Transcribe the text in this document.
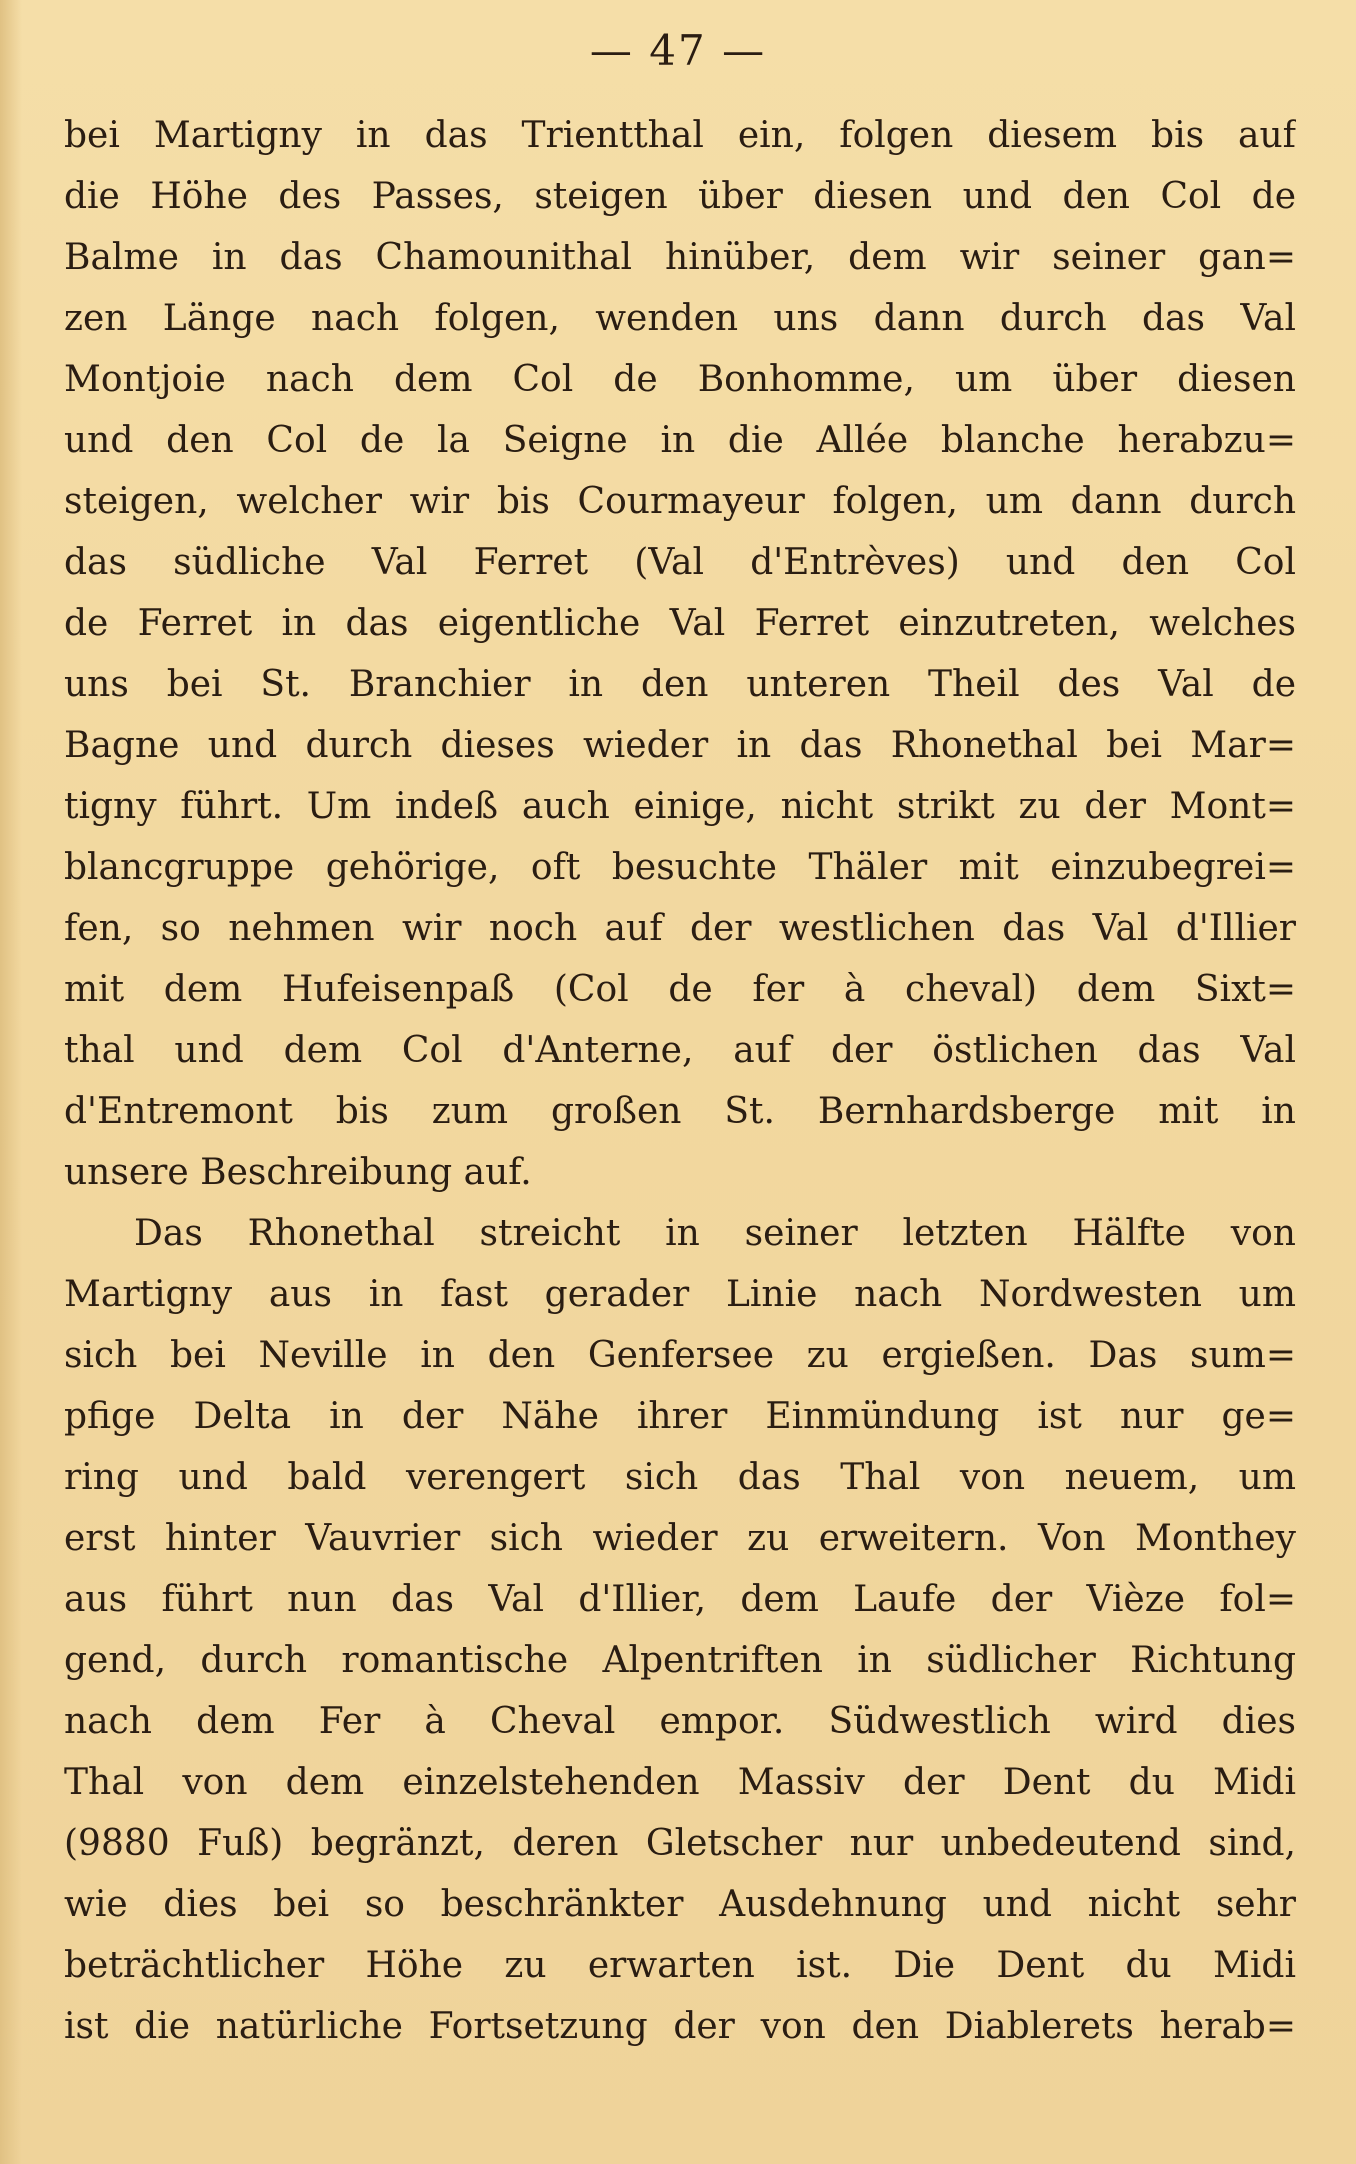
— 47 —
bei Martigny in das Trientthal ein, folgen diesem bis auf
die Höhe des Passes, steigen über diesen und den Col de
Balme in das Chamounithal hinüber, dem wir seiner gan=
zen Länge nach folgen, wenden uns dann durch das Val
Montjoie nach dem Col de Bonhomme, um über diesen
und den Col de la Seigne in die Allée blanche herabzu=
steigen, welcher wir bis Courmayeur folgen, um dann durch
das südliche Val Ferret (Val d'Entrèves) und den Col
de Ferret in das eigentliche Val Ferret einzutreten, welches
uns bei St. Branchier in den unteren Theil des Val de
Bagne und durch dieses wieder in das Rhonethal bei Mar=
tigny führt. Um indeß auch einige, nicht strikt zu der Mont=
blancgruppe gehörige, oft besuchte Thäler mit einzubegrei=
fen, so nehmen wir noch auf der westlichen das Val d'Illier
mit dem Hufeisenpaß (Col de fer à cheval) dem Sixt=
thal und dem Col d'Anterne, auf der östlichen das Val
d'Entremont bis zum großen St. Bernhardsberge mit in
unsere Beschreibung auf.
Das Rhonethal streicht in seiner letzten Hälfte von
Martigny aus in fast gerader Linie nach Nordwesten um
sich bei Neville in den Genfersee zu ergießen. Das sum=
pfige Delta in der Nähe ihrer Einmündung ist nur ge=
ring und bald verengert sich das Thal von neuem, um
erst hinter Vauvrier sich wieder zu erweitern. Von Monthey
aus führt nun das Val d'Illier, dem Laufe der Vièze fol=
gend, durch romantische Alpentriften in südlicher Richtung
nach dem Fer à Cheval empor. Südwestlich wird dies
Thal von dem einzelstehenden Massiv der Dent du Midi
(9880 Fuß) begränzt, deren Gletscher nur unbedeutend sind,
wie dies bei so beschränkter Ausdehnung und nicht sehr
beträchtlicher Höhe zu erwarten ist. Die Dent du Midi
ist die natürliche Fortsetzung der von den Diablerets herab=
